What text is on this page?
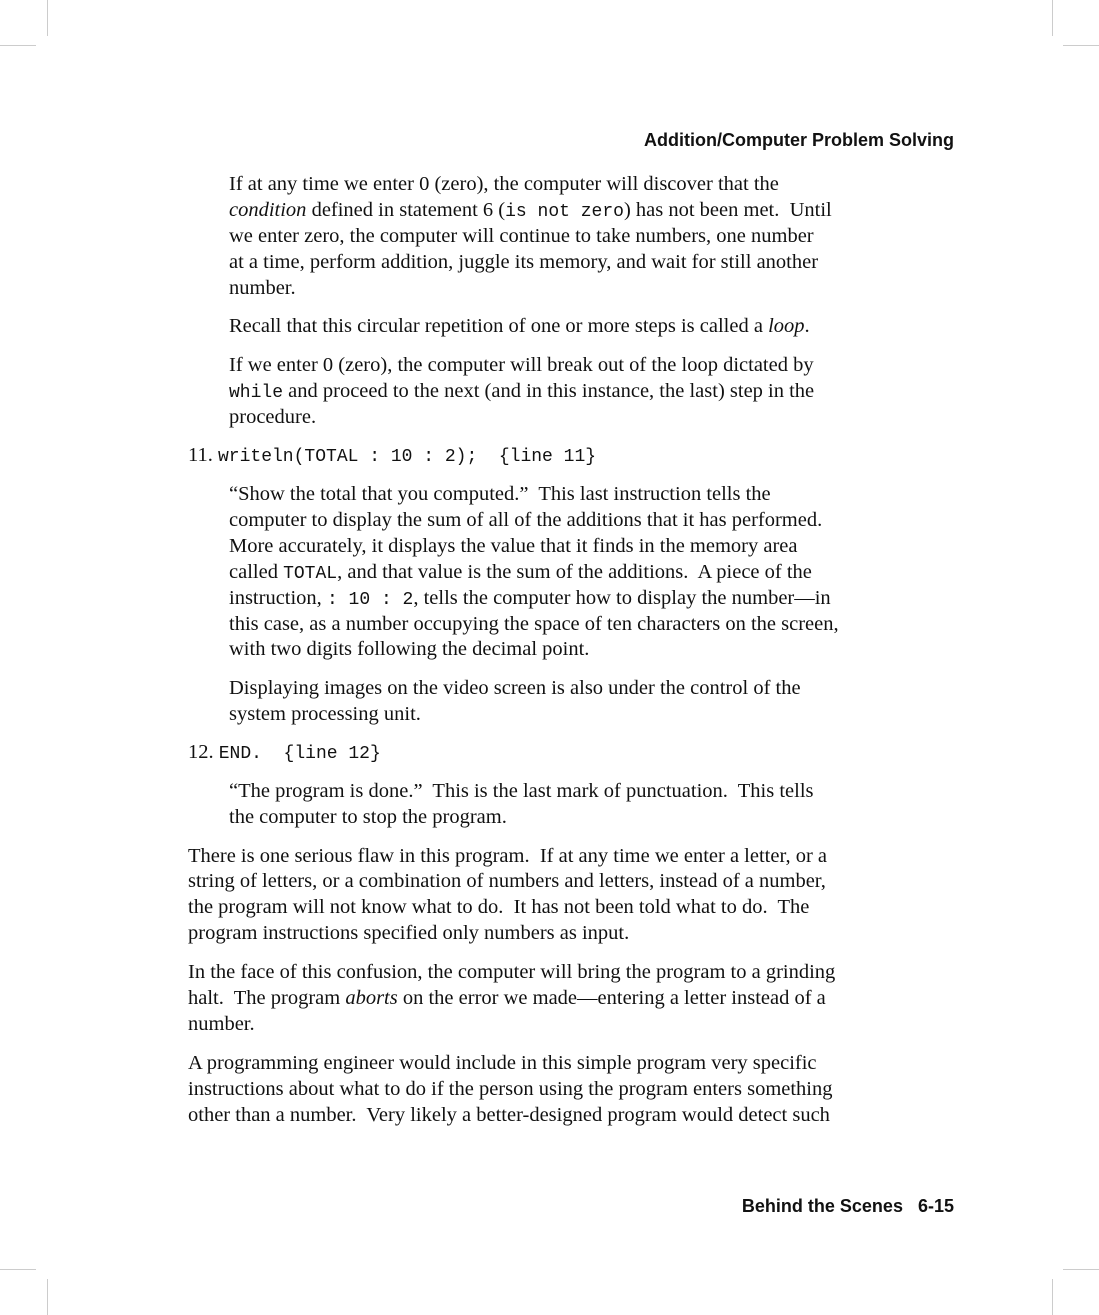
Addition/Computer Problem Solving
If at any time we enter 0 (zero), the computer will discover that the
condition defined in statement 6 (is not zero) has not been met.  Until
we enter zero, the computer will continue to take numbers, one number
at a time, perform addition, juggle its memory, and wait for still another
number.
Recall that this circular repetition of one or more steps is called a loop.
If we enter 0 (zero), the computer will break out of the loop dictated by
while and proceed to the next (and in this instance, the last) step in the
procedure.
11. writeln(TOTAL : 10 : 2);  {line 11}
“Show the total that you computed.”  This last instruction tells the
computer to display the sum of all of the additions that it has performed.
More accurately, it displays the value that it finds in the memory area
called TOTAL, and that value is the sum of the additions.  A piece of the
instruction, : 10 : 2, tells the computer how to display the number—in
this case, as a number occupying the space of ten characters on the screen,
with two digits following the decimal point.
Displaying images on the video screen is also under the control of the
system processing unit.
12. END.  {line 12}
“The program is done.”  This is the last mark of punctuation.  This tells
the computer to stop the program.
There is one serious flaw in this program.  If at any time we enter a letter, or a
string of letters, or a combination of numbers and letters, instead of a number,
the program will not know what to do.  It has not been told what to do.  The
program instructions specified only numbers as input.
In the face of this confusion, the computer will bring the program to a grinding
halt.  The program aborts on the error we made—entering a letter instead of a
number.
A programming engineer would include in this simple program very specific
instructions about what to do if the person using the program enters something
other than a number.  Very likely a better-designed program would detect such
Behind the Scenes 6-15
